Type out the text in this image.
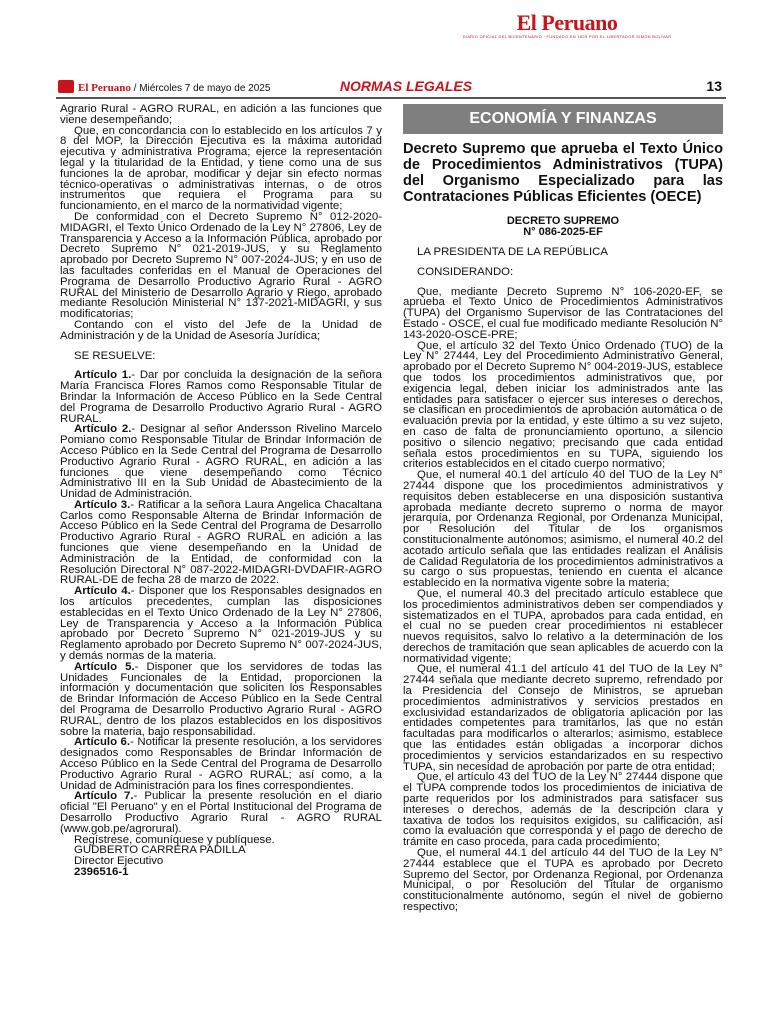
El Peruano
DIARIO OFICIAL DEL BICENTENARIO · FUNDADO EN 1825 POR EL LIBERTADOR SIMÓN BOLÍVAR
El Peruano / Miércoles 7 de mayo de 2025	NORMAS LEGALES	13

Agrario Rural - AGRO RURAL, en adición a las funciones que viene desempeñando;

Que, en concordancia con lo establecido en los artículos 7 y 8 del MOP, la Dirección Ejecutiva es la máxima autoridad ejecutiva y administrativa Programa; ejerce la representación legal y la titularidad de la Entidad, y tiene como una de sus funciones la de aprobar, modificar y dejar sin efecto normas técnico-operativas o administrativas internas, o de otros instrumentos que requiera el Programa para su funcionamiento, en el marco de la normatividad vigente;

De conformidad con el Decreto Supremo N° 012-2020-MIDAGRI, el Texto Único Ordenado de la Ley N° 27806, Ley de Transparencia y Acceso a la Información Pública, aprobado por Decreto Supremo N° 021-2019-JUS, y su Reglamento aprobado por Decreto Supremo N° 007-2024-JUS; y en uso de las facultades conferidas en el Manual de Operaciones del Programa de Desarrollo Productivo Agrario Rural - AGRO RURAL del Ministerio de Desarrollo Agrario y Riego, aprobado mediante Resolución Ministerial N° 137-2021-MIDAGRI, y sus modificatorias;

Contando con el visto del Jefe de la Unidad de Administración y de la Unidad de Asesoría Jurídica;

SE RESUELVE:

Artículo 1.- Dar por concluida la designación de la señora María Francisca Flores Ramos como Responsable Titular de Brindar la Información de Acceso Público en la Sede Central del Programa de Desarrollo Productivo Agrario Rural - AGRO RURAL.

Artículo 2.- Designar al señor Andersson Rivelino Marcelo Pomiano como Responsable Titular de Brindar Información de Acceso Público en la Sede Central del Programa de Desarrollo Productivo Agrario Rural - AGRO RURAL, en adición a las funciones que viene desempeñando como Técnico Administrativo III en la Sub Unidad de Abastecimiento de la Unidad de Administración.

Artículo 3.- Ratificar a la señora Laura Angelica Chacaltana Carlos como Responsable Alterna de Brindar Información de Acceso Público en la Sede Central del Programa de Desarrollo Productivo Agrario Rural - AGRO RURAL en adición a las funciones que viene desempeñando en la Unidad de Administración de la Entidad, de conformidad con la Resolución Directoral N° 087-2022-MIDAGRI-DVDAFIR-AGRO RURAL-DE de fecha 28 de marzo de 2022.

Artículo 4.- Disponer que los Responsables designados en los artículos precedentes, cumplan las disposiciones establecidas en el Texto Único Ordenado de la Ley N° 27806, Ley de Transparencia y Acceso a la Información Pública aprobado por Decreto Supremo N° 021-2019-JUS y su Reglamento aprobado por Decreto Supremo N° 007-2024-JUS, y demás normas de la materia.

Artículo 5.- Disponer que los servidores de todas las Unidades Funcionales de la Entidad, proporcionen la información y documentación que soliciten los Responsables de Brindar Información de Acceso Público en la Sede Central del Programa de Desarrollo Productivo Agrario Rural - AGRO RURAL, dentro de los plazos establecidos en los dispositivos sobre la materia, bajo responsabilidad.

Artículo 6.- Notificar la presente resolución, a los servidores designados como Responsables de Brindar Información de Acceso Público en la Sede Central del Programa de Desarrollo Productivo Agrario Rural - AGRO RURAL; así como, a la Unidad de Administración para los fines correspondientes.

Artículo 7.- Publicar la presente resolución en el diario oficial "El Peruano" y en el Portal Institucional del Programa de Desarrollo Productivo Agrario Rural - AGRO RURAL (www.gob.pe/agrorural).

Regístrese, comuníquese y publíquese.

GUDBERTO CARRERA PADILLA

Director Ejecutivo

2396516-1

ECONOMÍA Y FINANZAS
Decreto Supremo que aprueba el Texto Único de Procedimientos Administrativos (TUPA) del Organismo Especializado para las Contrataciones Públicas Eficientes (OECE)
DECRETO SUPREMO
N° 086-2025-EF

LA PRESIDENTA DE LA REPÚBLICA

CONSIDERANDO:

Que, mediante Decreto Supremo N° 106-2020-EF, se aprueba el Texto Único de Procedimientos Administrativos (TUPA) del Organismo Supervisor de las Contrataciones del Estado - OSCE, el cual fue modificado mediante Resolución N° 143-2020-OSCE-PRE;

Que, el artículo 32 del Texto Único Ordenado (TUO) de la Ley N° 27444, Ley del Procedimiento Administrativo General, aprobado por el Decreto Supremo N° 004-2019-JUS, establece que todos los procedimientos administrativos que, por exigencia legal, deben iniciar los administrados ante las entidades para satisfacer o ejercer sus intereses o derechos, se clasifican en procedimientos de aprobación automática o de evaluación previa por la entidad, y este último a su vez sujeto, en caso de falta de pronunciamiento oportuno, a silencio positivo o silencio negativo; precisando que cada entidad señala estos procedimientos en su TUPA, siguiendo los criterios establecidos en el citado cuerpo normativo;

Que, el numeral 40.1 del artículo 40 del TUO de la Ley N° 27444 dispone que los procedimientos administrativos y requisitos deben establecerse en una disposición sustantiva aprobada mediante decreto supremo o norma de mayor jerarquía, por Ordenanza Regional, por Ordenanza Municipal, por Resolución del Titular de los organismos constitucionalmente autónomos; asimismo, el numeral 40.2 del acotado artículo señala que las entidades realizan el Análisis de Calidad Regulatoria de los procedimientos administrativos a su cargo o sus propuestas, teniendo en cuenta el alcance establecido en la normativa vigente sobre la materia;

Que, el numeral 40.3 del precitado artículo establece que los procedimientos administrativos deben ser compendiados y sistematizados en el TUPA, aprobados para cada entidad, en el cual no se pueden crear procedimientos ni establecer nuevos requisitos, salvo lo relativo a la determinación de los derechos de tramitación que sean aplicables de acuerdo con la normatividad vigente;

Que, el numeral 41.1 del artículo 41 del TUO de la Ley N° 27444 señala que mediante decreto supremo, refrendado por la Presidencia del Consejo de Ministros, se aprueban procedimientos administrativos y servicios prestados en exclusividad estandarizados de obligatoria aplicación por las entidades competentes para tramitarlos, las que no están facultadas para modificarlos o alterarlos; asimismo, establece que las entidades están obligadas a incorporar dichos procedimientos y servicios estandarizados en su respectivo TUPA, sin necesidad de aprobación por parte de otra entidad;

Que, el artículo 43 del TUO de la Ley N° 27444 dispone que el TUPA comprende todos los procedimientos de iniciativa de parte requeridos por los administrados para satisfacer sus intereses o derechos, además de la descripción clara y taxativa de todos los requisitos exigidos, su calificación, así como la evaluación que corresponda y el pago de derecho de trámite en caso proceda, para cada procedimiento;

Que, el numeral 44.1 del artículo 44 del TUO de la Ley N° 27444 establece que el TUPA es aprobado por Decreto Supremo del Sector, por Ordenanza Regional, por Ordenanza Municipal, o por Resolución del Titular de organismo constitucionalmente autónomo, según el nivel de gobierno respectivo;
